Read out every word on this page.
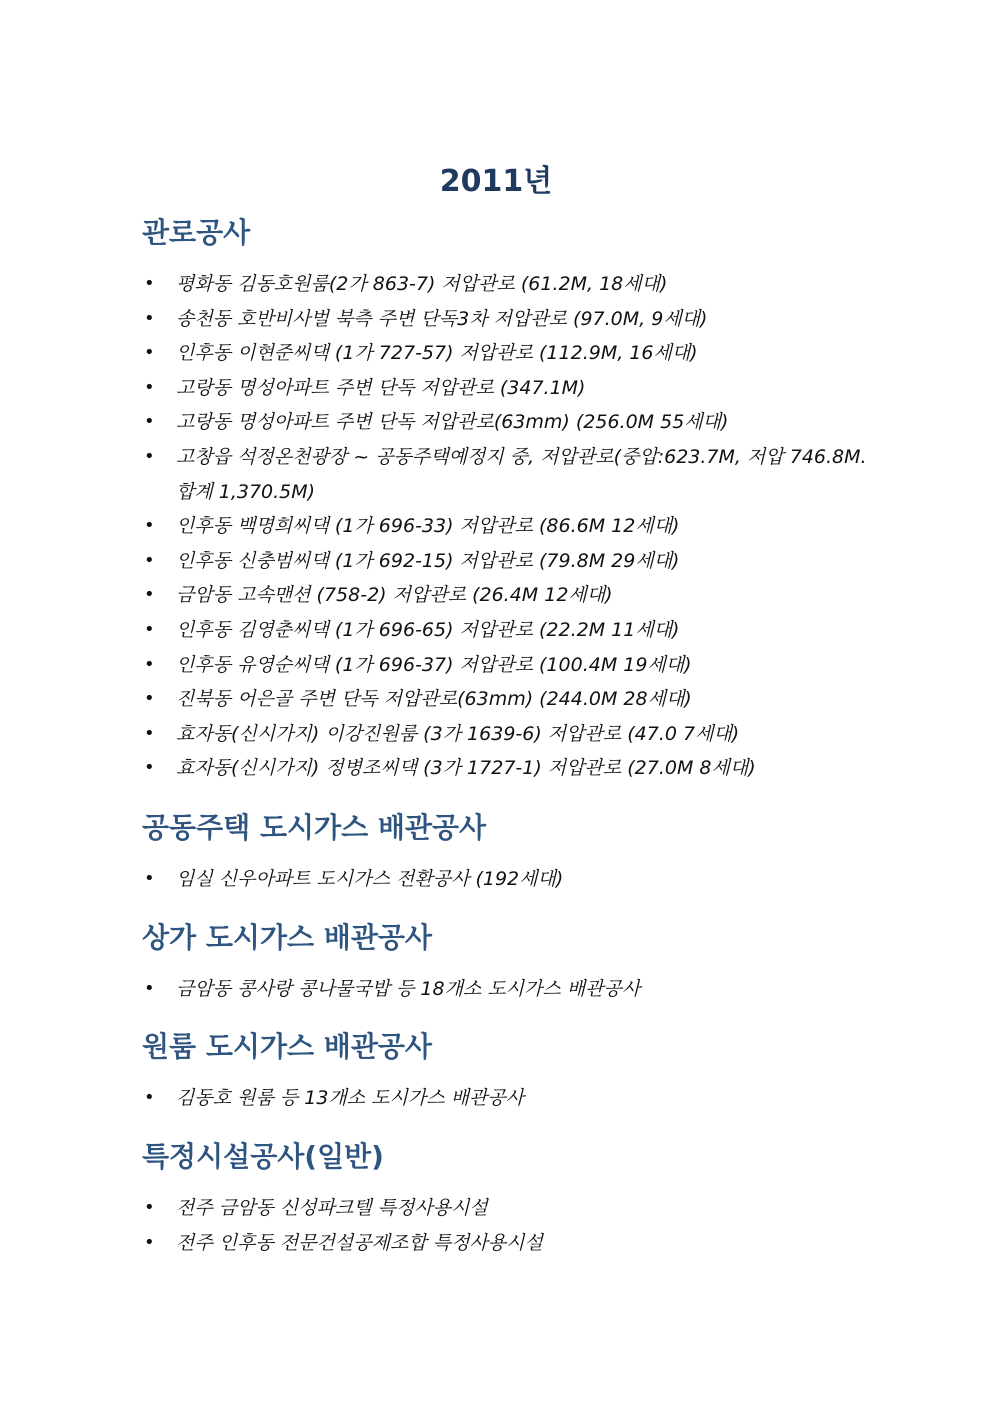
2011년
관로공사
• 평화동 김동호원룸(2가 863-7) 저압관로 (61.2M, 18세대)
• 송천동 호반비사벌 북측 주변 단독3차 저압관로 (97.0M, 9세대)
• 인후동 이현준씨댁 (1가 727-57) 저압관로 (112.9M, 16세대)
• 고랑동 명성아파트 주변 단독 저압관로 (347.1M)
• 고랑동 명성아파트 주변 단독 저압관로(63mm) (256.0M 55세대)
• 고창읍 석정온천광장 ~ 공동주택예정지 중, 저압관로(중압:623.7M, 저압 746.8M. 합계 1,370.5M)
• 인후동 백명희씨댁 (1가 696-33) 저압관로 (86.6M 12세대)
• 인후동 신충범씨댁 (1가 692-15) 저압관로 (79.8M 29세대)
• 금암동 고속맨션 (758-2) 저압관로 (26.4M 12세대)
• 인후동 김영춘씨댁 (1가 696-65) 저압관로 (22.2M 11세대)
• 인후동 유영순씨댁 (1가 696-37) 저압관로 (100.4M 19세대)
• 진북동 어은골 주변 단독 저압관로(63mm) (244.0M 28세대)
• 효자동(신시가지) 이강진원룸 (3가 1639-6) 저압관로 (47.0 7세대)
• 효자동(신시가지) 정병조씨댁 (3가 1727-1) 저압관로 (27.0M 8세대)
공동주택 도시가스 배관공사
• 임실 신우아파트 도시가스 전환공사 (192세대)
상가 도시가스 배관공사
• 금암동 콩사랑 콩나물국밥 등 18개소 도시가스 배관공사
원룸 도시가스 배관공사
• 김동호 원룸 등 13개소 도시가스 배관공사
특정시설공사(일반)
• 전주 금암동 신성파크텔 특정사용시설
• 전주 인후동 전문건설공제조합 특정사용시설
